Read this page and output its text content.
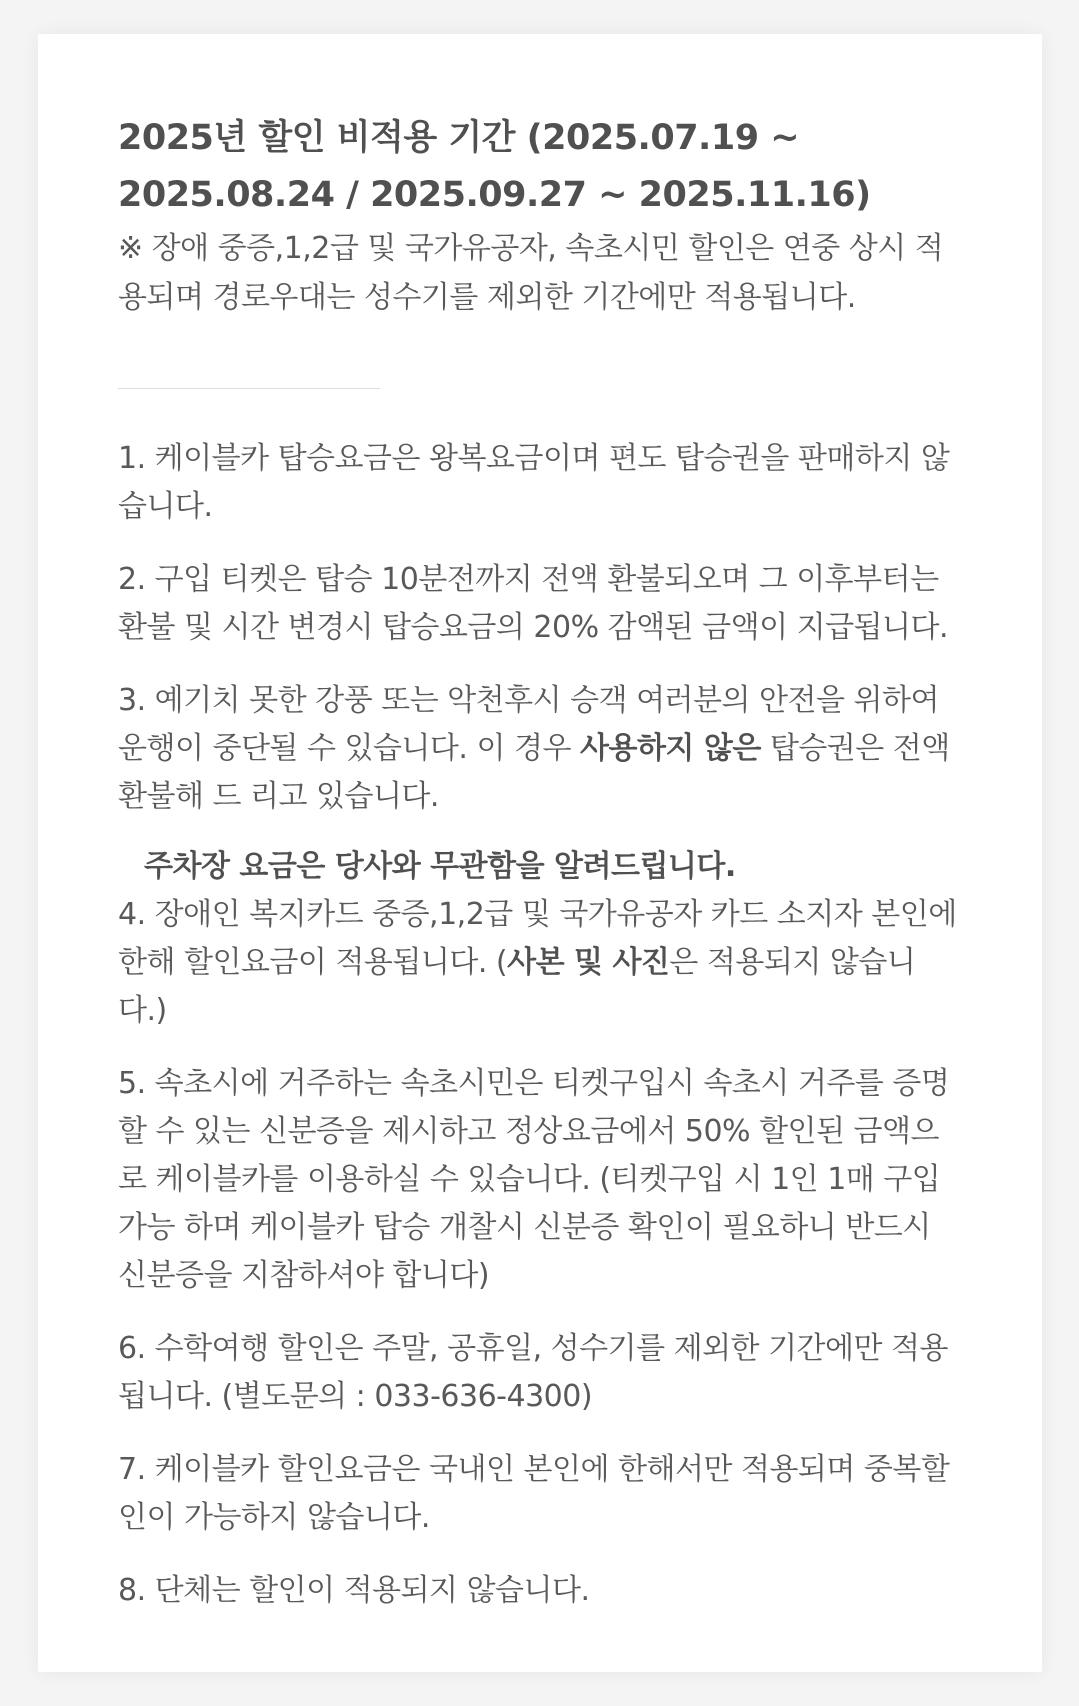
2025년 할인 비적용 기간 (2025.07.19 ~ 2025.08.24 / 2025.09.27 ~ 2025.11.16)

※ 장애 중증,1,2급 및 국가유공자, 속초시민 할인은 연중 상시 적용되며 경로우대는 성수기를 제외한 기간에만 적용됩니다.

1. 케이블카 탑승요금은 왕복요금이며 편도 탑승권을 판매하지 않습니다.

2. 구입 티켓은 탑승 10분전까지 전액 환불되오며 그 이후부터는 환불 및 시간 변경시 탑승요금의 20% 감액된 금액이 지급됩니다.

3. 예기치 못한 강풍 또는 악천후시 승객 여러분의 안전을 위하여 운행이 중단될 수 있습니다. 이 경우 사용하지 않은 탑승권은 전액 환불해 드 리고 있습니다.

주차장 요금은 당사와 무관함을 알려드립니다.

4. 장애인 복지카드 중증,1,2급 및 국가유공자 카드 소지자 본인에 한해 할인요금이 적용됩니다. (사본 및 사진은 적용되지 않습니다.)

5. 속초시에 거주하는 속초시민은 티켓구입시 속초시 거주를 증명할 수 있는 신분증을 제시하고 정상요금에서 50% 할인된 금액으로 케이블카를 이용하실 수 있습니다. (티켓구입 시 1인 1매 구입가능 하며 케이블카 탑승 개찰시 신분증 확인이 필요하니 반드시 신분증을 지참하셔야 합니다)

6. 수학여행 할인은 주말, 공휴일, 성수기를 제외한 기간에만 적용됩니다. (별도문의 : 033-636-4300)

7. 케이블카 할인요금은 국내인 본인에 한해서만 적용되며 중복할인이 가능하지 않습니다.

8. 단체는 할인이 적용되지 않습니다.
